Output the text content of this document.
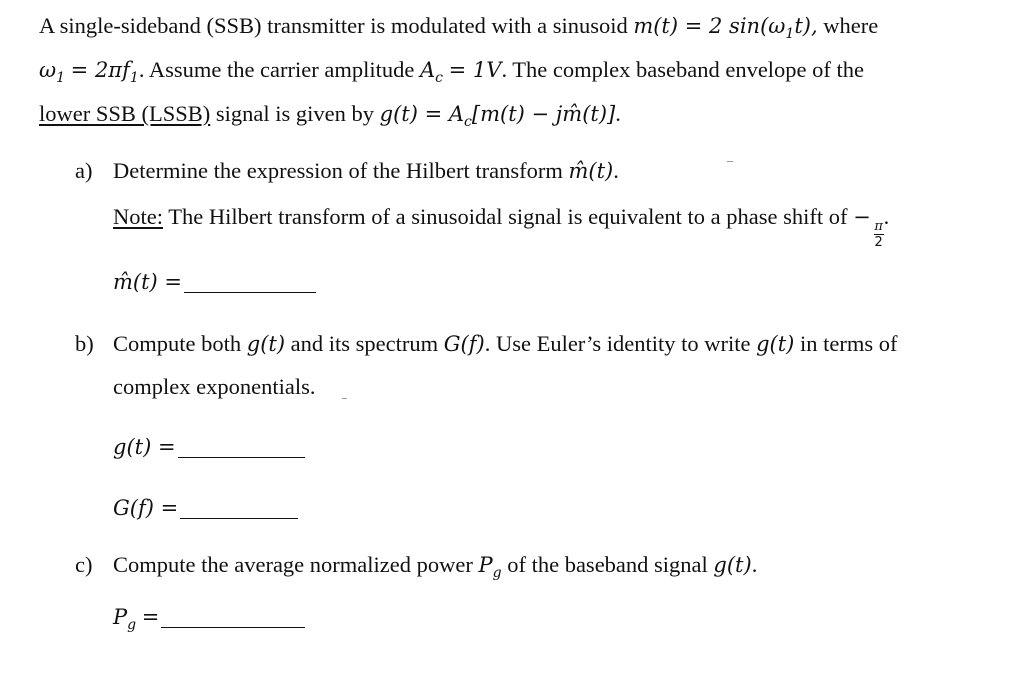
A single-sideband (SSB) transmitter is modulated with a sinusoid m(t) = 2 $\sin(\omega_1t)$, where
$\omega_1 = 2\pi f_1$. Assume the carrier amplitude $A_c = 1V$. The complex baseband envelope of the
lower SSB (LSSB) signal is given by $g(t) = A_c[m(t)$ − jm̂(t)].
a) Determine the expression of the Hilbert transform m̂(t).
Note: The Hilbert transform of a sinusoidal signal is equivalent to a phase shift of −
$\frac{\pi}{2}$
.
m̂(t) =
b) Compute both g(t) and its spectrum G(f). Use Euler’s identity to write g(t) in terms of
complex exponentials.
g(t) =
G(f) =
c) Compute the average normalized power $P_g$ of the baseband signal g(t).
$P_g$ =
